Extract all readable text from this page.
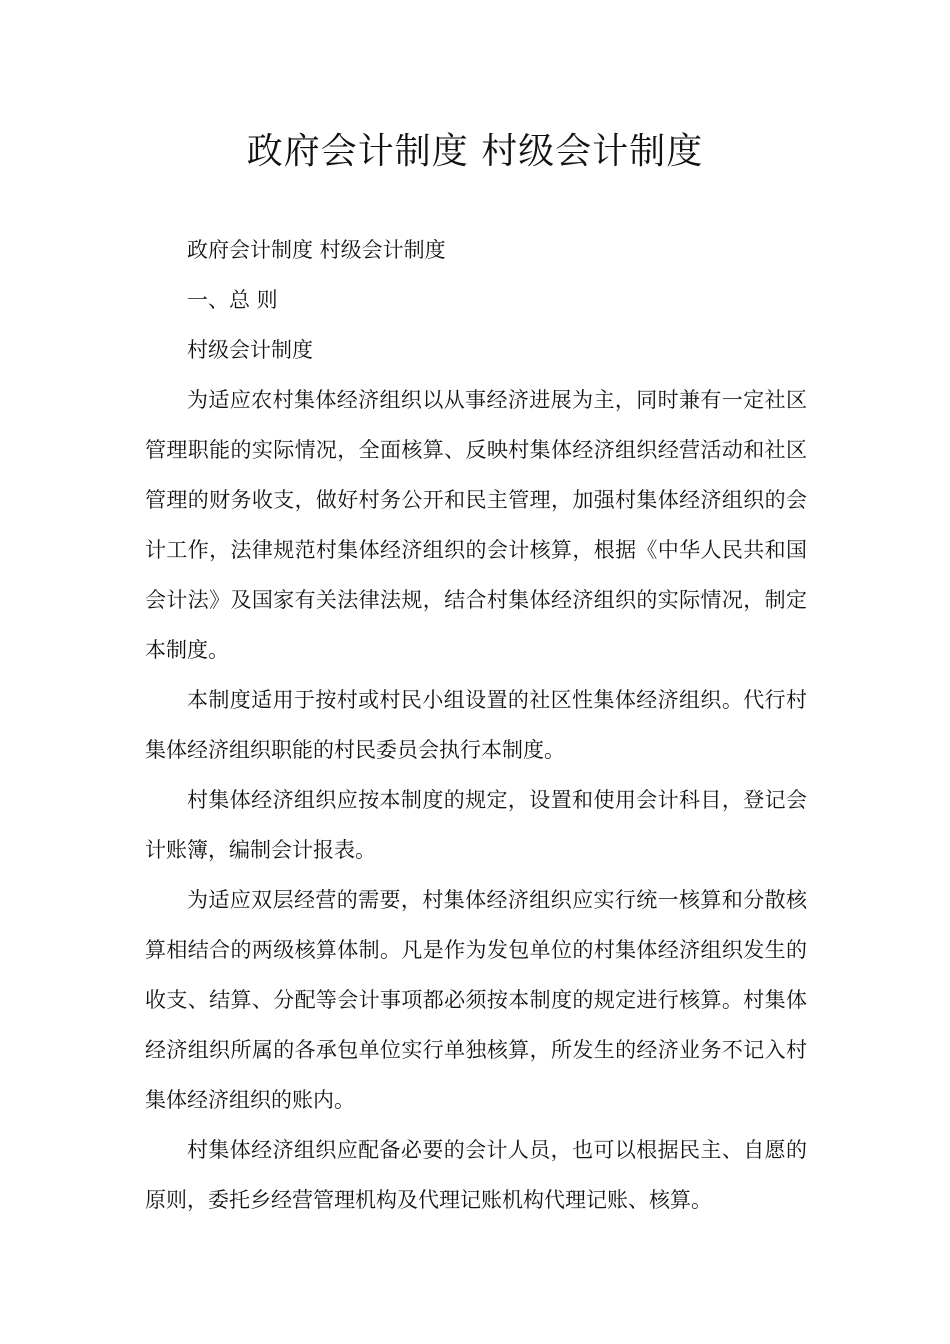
政府会计制度 村级会计制度

政府会计制度 村级会计制度

一、总 则

村级会计制度

为适应农村集体经济组织以从事经济进展为主，同时兼有一定社区管理职能的实际情况，全面核算、反映村集体经济组织经营活动和社区管理的财务收支，做好村务公开和民主管理，加强村集体经济组织的会计工作，法律规范村集体经济组织的会计核算，根据《中华人民共和国会计法》及国家有关法律法规，结合村集体经济组织的实际情况，制定本制度。

本制度适用于按村或村民小组设置的社区性集体经济组织。代行村集体经济组织职能的村民委员会执行本制度。

村集体经济组织应按本制度的规定，设置和使用会计科目，登记会计账簿，编制会计报表。

为适应双层经营的需要，村集体经济组织应实行统一核算和分散核算相结合的两级核算体制。凡是作为发包单位的村集体经济组织发生的收支、结算、分配等会计事项都必须按本制度的规定进行核算。村集体经济组织所属的各承包单位实行单独核算，所发生的经济业务不记入村集体经济组织的账内。

村集体经济组织应配备必要的会计人员，也可以根据民主、自愿的原则，委托乡经营管理机构及代理记账机构代理记账、核算。
